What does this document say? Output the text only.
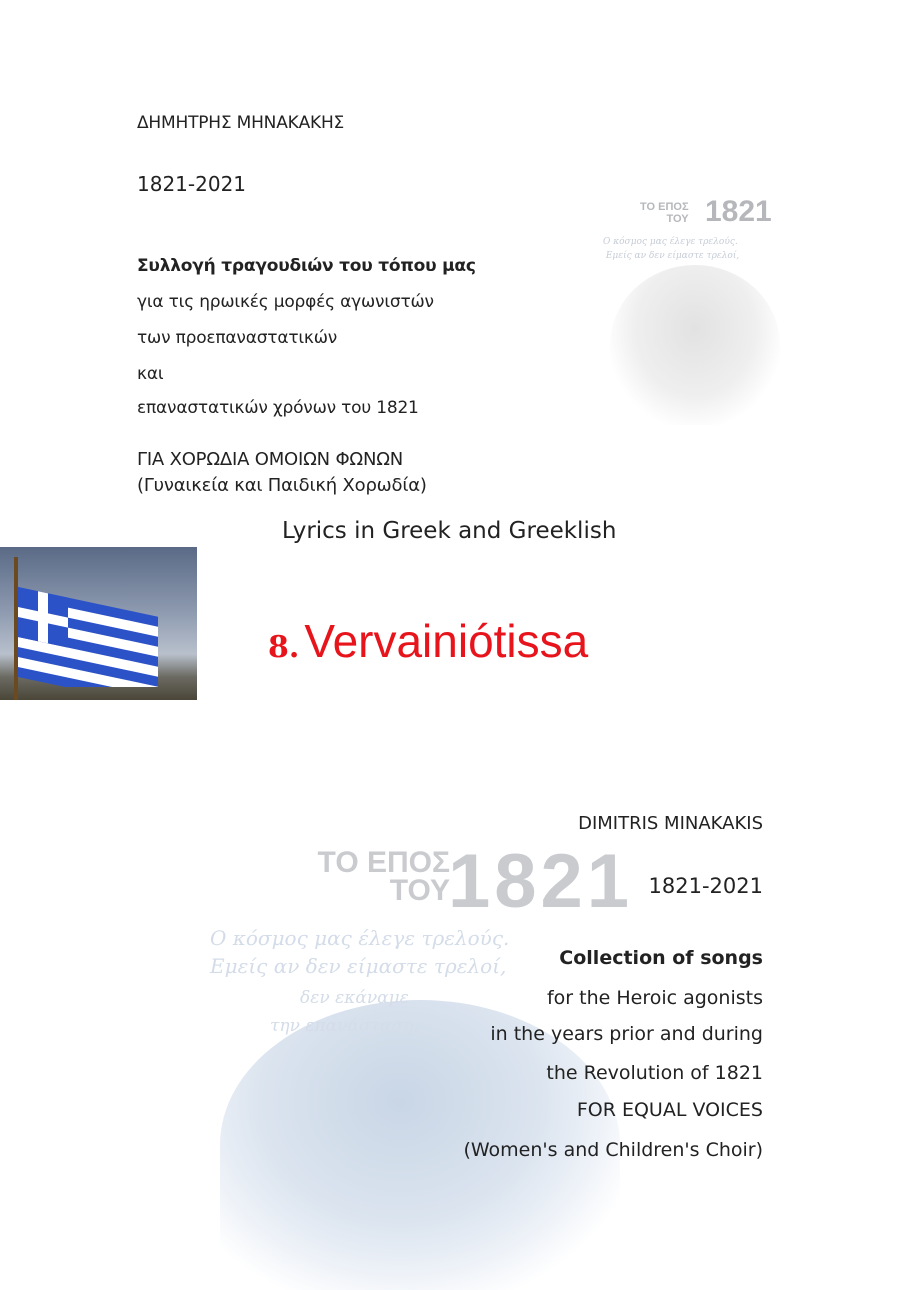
ΔΗΜΗΤΡΗΣ ΜΗΝΑΚΑΚΗΣ
1821-2021
Συλλογή τραγουδιών του τόπου μας
για τις ηρωικές μορφές αγωνιστών
των προεπαναστατικών
και
επαναστατικών χρόνων του 1821
ΓΙΑ ΧΟΡΩΔΙΑ ΟΜΟΙΩΝ ΦΩΝΩΝ
(Γυναικεία και Παιδική Χορωδία)
ΤΟ ΕΠΟΣ
ΤΟΥ 1821
Ο κόσμος μας έλεγε τρελούς.
Εμείς αν δεν είμαστε τρελοί,
Lyrics in Greek and Greeklish
8. Vervainiótissa
ΤΟ ΕΠΟΣ
ΤΟΥ
1821
Ο κόσμος μας έλεγε τρελούς.
Εμείς αν δεν είμαστε τρελοί,
δεν εκάναμε
την επανάσταση.
DIMITRIS MINAKAKIS
1821-2021
Collection of songs
for the Heroic agonists
in the years prior and during
the Revolution of 1821
FOR EQUAL VOICES
(Women's and Children's Choir)
